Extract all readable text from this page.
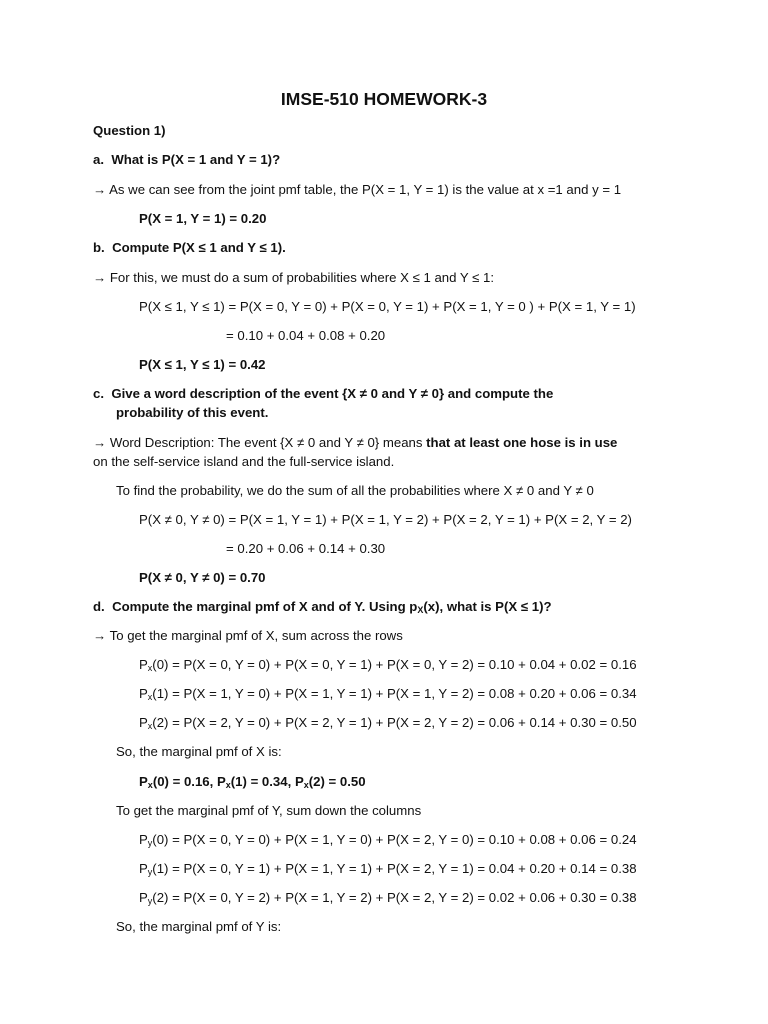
IMSE-510 HOMEWORK-3
Question 1)
a. What is P(X = 1 and Y = 1)?
→ As we can see from the joint pmf table, the P(X = 1, Y = 1) is the value at x =1 and y = 1
P(X = 1, Y = 1) = 0.20
b. Compute P(X ≤ 1 and Y ≤ 1).
→ For this, we must do a sum of probabilities where X ≤ 1 and Y ≤ 1:
P(X ≤ 1, Y ≤ 1) = P(X = 0, Y = 0) + P(X = 0, Y = 1) + P(X = 1, Y = 0 ) + P(X = 1, Y = 1)
= 0.10 + 0.04 + 0.08 + 0.20
P(X ≤ 1, Y ≤ 1) = 0.42
c. Give a word description of the event {X ≠ 0 and Y ≠ 0} and compute the
probability of this event.
→ Word Description: The event {X ≠ 0 and Y ≠ 0} means that at least one hose is in use
on the self-service island and the full-service island.
To find the probability, we do the sum of all the probabilities where X ≠ 0 and Y ≠ 0
P(X ≠ 0, Y ≠ 0) = P(X = 1, Y = 1) + P(X = 1, Y = 2) + P(X = 2, Y = 1) + P(X = 2, Y = 2)
= 0.20 + 0.06 + 0.14 + 0.30
P(X ≠ 0, Y ≠ 0) = 0.70
d. Compute the marginal pmf of X and of Y. Using $p_X(x)$, what is P(X ≤ 1)?
→ To get the marginal pmf of X, sum across the rows
$P_x(0) = P(X = 0$, Y = 0) + P(X = 0, Y = 1) + P(X = 0, Y = 2) = 0.10 + 0.04 + 0.02 = 0.16
$P_x(1) = P(X = 1$, Y = 0) + P(X = 1, Y = 1) + P(X = 1, Y = 2) = 0.08 + 0.20 + 0.06 = 0.34
$P_x(2) = P(X = 2$, Y = 0) + P(X = 2, Y = 1) + P(X = 2, Y = 2) = 0.06 + 0.14 + 0.30 = 0.50
So, the marginal pmf of X is:
$P_x(0) = 0.16$, $P_x(1) = 0.34$, $P_x(2) = 0.50$
To get the marginal pmf of Y, sum down the columns
$P_y(0) = P(X = 0$, Y = 0) + P(X = 1, Y = 0) + P(X = 2, Y = 0) = 0.10 + 0.08 + 0.06 = 0.24
$P_y(1) = P(X = 0$, Y = 1) + P(X = 1, Y = 1) + P(X = 2, Y = 1) = 0.04 + 0.20 + 0.14 = 0.38
$P_y(2) = P(X = 0$, Y = 2) + P(X = 1, Y = 2) + P(X = 2, Y = 2) = 0.02 + 0.06 + 0.30 = 0.38
So, the marginal pmf of Y is:
